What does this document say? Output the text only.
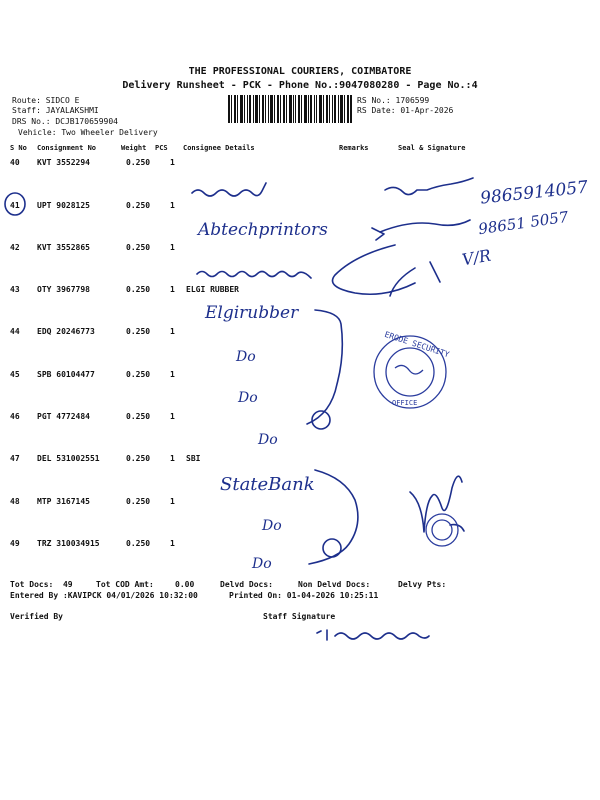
THE PROFESSIONAL COURIERS, COIMBATORE
Delivery Runsheet - PCK - Phone No.:9047080280 - Page No.:4
Route: SIDCO E
Staff: JAYALAKSHMI
DRS No.: DCJB170659904
Vehicle: Two Wheeler Delivery
RS No.: 1706599
RS Date: 01-Apr-2026
S No Consignment No	Weight PCS Consignee Details	Remarks	Seal & Signature
40 KVT 3552294	0.250 1
41 UPT 9028125	0.250 1
42 KVT 3552865	0.250 1
43 OTY 3967798	0.250 1 ELGI RUBBER
44 EDQ 20246773	0.250 1
45 SPB 60104477	0.250 1
46 PGT 4772484	0.250 1
47 DEL 531002551	0.250 1 SBI
48 MTP 3167145	0.250 1
49 TRZ 310034915	0.250 1
Tot Docs:  49	Tot COD Amt:	0.00	Delvd Docs:	Non Delvd Docs:	Delvy Pts:
Entered By :KAVIPCK 04/01/2026 10:32:00	Printed On: 01-04-2026 10:25:11
Verified By	Staff Signature
9865914057
98651 5057
Abtechprintors
V/R
Elgirubber
Do
Do
Do
StateBank
Do
Do
ERODE SECURITY
OFFICE
